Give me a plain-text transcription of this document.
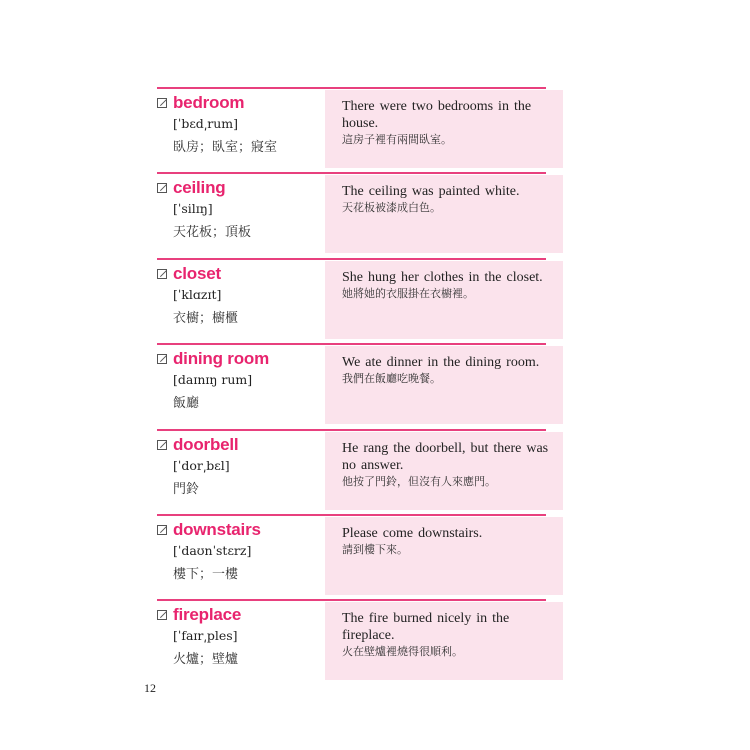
bedroom
[ˈbɛd͵rum]
臥房；臥室；寢室
There were two bedrooms in the house.
這房子裡有兩間臥室。
ceiling
[ˈsilɪŋ]
天花板；頂板
The ceiling was painted white.
天花板被漆成白色。
closet
[ˈklɑzɪt]
衣櫥；櫥櫃
She hung her clothes in the closet.
她將她的衣服掛在衣櫥裡。
dining room
[daɪnɪŋ rum]
飯廳
We ate dinner in the dining room.
我們在飯廳吃晚餐。
doorbell
[ˈdor͵bɛl]
門鈴
He rang the doorbell, but there was no answer.
他按了門鈴，但沒有人來應門。
downstairs
[ˈdaʊnˈstɛrz]
樓下；一樓
Please come downstairs.
請到樓下來。
fireplace
[ˈfaɪr͵ples]
火爐；壁爐
The fire burned nicely in the fireplace.
火在壁爐裡燒得很順利。
12
